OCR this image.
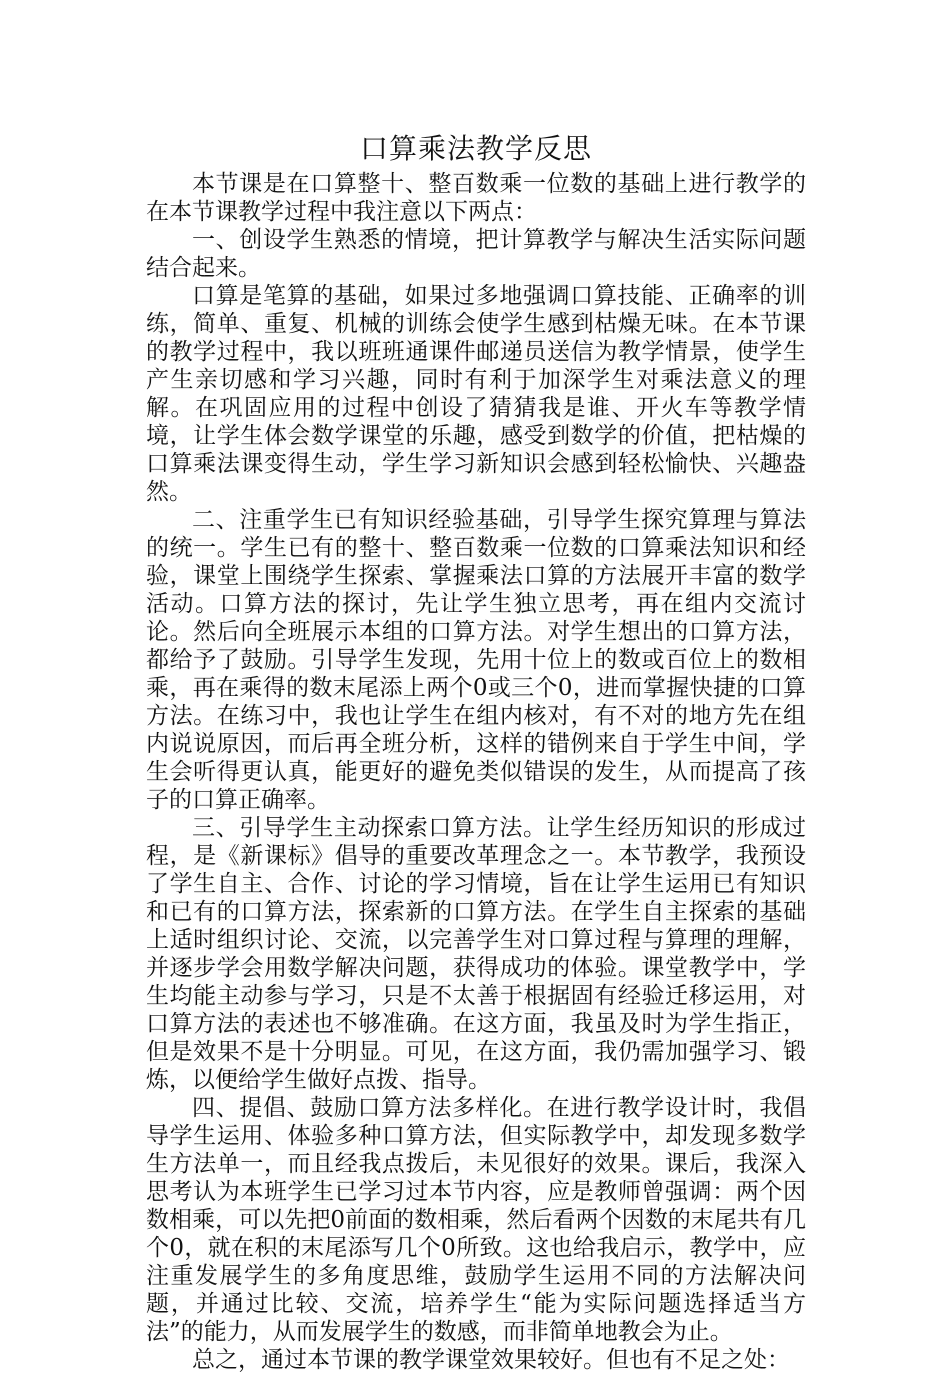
口算乘法教学反思

本节课是在口算整十、整百数乘一位数的基础上进行教学的在本节课教学过程中我注意以下两点：

一、创设学生熟悉的情境，把计算教学与解决生活实际问题结合起来。

口算是笔算的基础，如果过多地强调口算技能、正确率的训练，简单、重复、机械的训练会使学生感到枯燥无味。在本节课的教学过程中，我以班班通课件邮递员送信为教学情景，使学生产生亲切感和学习兴趣，同时有利于加深学生对乘法意义的理解。在巩固应用的过程中创设了猜猜我是谁、开火车等教学情境，让学生体会数学课堂的乐趣，感受到数学的价值，把枯燥的口算乘法课变得生动，学生学习新知识会感到轻松愉快、兴趣盎然。

二、注重学生已有知识经验基础，引导学生探究算理与算法的统一。学生已有的整十、整百数乘一位数的口算乘法知识和经验，课堂上围绕学生探索、掌握乘法口算的方法展开丰富的数学活动。口算方法的探讨，先让学生独立思考，再在组内交流讨论。然后向全班展示本组的口算方法。对学生想出的口算方法，都给予了鼓励。引导学生发现，先用十位上的数或百位上的数相乘，再在乘得的数末尾添上两个0或三个0，进而掌握快捷的口算方法。在练习中，我也让学生在组内核对，有不对的地方先在组内说说原因，而后再全班分析，这样的错例来自于学生中间，学生会听得更认真，能更好的避免类似错误的发生，从而提高了孩子的口算正确率。

三、引导学生主动探索口算方法。让学生经历知识的形成过程，是《新课标》倡导的重要改革理念之一。本节教学，我预设了学生自主、合作、讨论的学习情境，旨在让学生运用已有知识和已有的口算方法，探索新的口算方法。在学生自主探索的基础上适时组织讨论、交流，以完善学生对口算过程与算理的理解，并逐步学会用数学解决问题，获得成功的体验。课堂教学中，学生均能主动参与学习，只是不太善于根据固有经验迁移运用，对口算方法的表述也不够准确。在这方面，我虽及时为学生指正，但是效果不是十分明显。可见，在这方面，我仍需加强学习、锻炼，以便给学生做好点拨、指导。

四、提倡、鼓励口算方法多样化。在进行教学设计时，我倡导学生运用、体验多种口算方法，但实际教学中，却发现多数学生方法单一，而且经我点拨后，未见很好的效果。课后，我深入思考认为本班学生已学习过本节内容，应是教师曾强调：两个因数相乘，可以先把0前面的数相乘，然后看两个因数的末尾共有几个0，就在积的末尾添写几个0所致。这也给我启示，教学中，应注重发展学生的多角度思维，鼓励学生运用不同的方法解决问题，并通过比较、交流，培养学生“能为实际问题选择适当方法”的能力，从而发展学生的数感，而非简单地教会为止。

总之，通过本节课的教学课堂效果较好。但也有不足之处：
